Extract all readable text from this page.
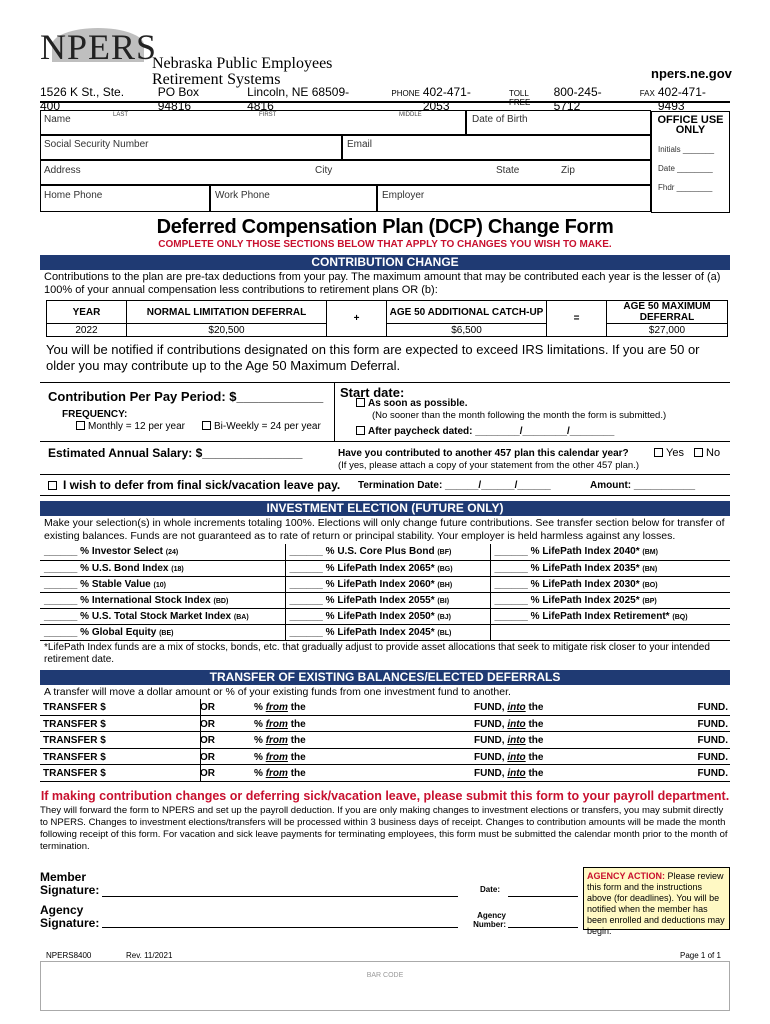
NPERS
Nebraska Public Employees
Retirement Systems	npers.ne.gov
1526 K St., Ste. 400
PO Box 94816
Lincoln, NE 68509-4816
PHONE 402-471-2053
TOLL FREE
800-245-5712
FAX 402-471-9493
Name	LAST	FIRST	MIDDLE	Date of Birth
Social Security Number	Email
Address	City	State	Zip
Home Phone	Work Phone	Employer
OFFICE USE ONLY
Initials _______
Date ________
Fhdr ________
Deferred Compensation Plan (DCP) Change Form
COMPLETE ONLY THOSE SECTIONS BELOW THAT APPLY TO CHANGES YOU WISH TO MAKE.
CONTRIBUTION CHANGE
Contributions to the plan are pre-tax deductions from your pay. The maximum amount that may be contributed each year is the lesser of (a) 100% of your annual compensation less contributions to retirement plans OR (b):
YEAR	NORMAL LIMITATION DEFERRAL	+	AGE 50 ADDITIONAL CATCH-UP	=	AGE 50 MAXIMUM DEFERRAL
2022	$20,500		$6,500		$27,000
You will be notified if contributions designated on this form are expected to exceed IRS limitations. If you are 50 or older you may contribute up to the Age 50 Maximum Deferral.
Contribution Per Pay Period: $____________
FREQUENCY:
Monthly = 12 per year	Bi-Weekly = 24 per year
Start date:
As soon as possible.
(No sooner than the month following the month the form is submitted.)
After paycheck dated: ________/________/________
Estimated Annual Salary: $_______________	Have you contributed to another 457 plan this calendar year?	Yes	No
(If yes, please attach a copy of your statement from the other 457 plan.)
I wish to defer from final sick/vacation leave pay. Termination Date: ______/______/______	Amount: ___________
INVESTMENT ELECTION (FUTURE ONLY)
Make your selection(s) in whole increments totaling 100%. Elections will only change future contributions. See transfer section below for transfer of existing balances. Funds are not guaranteed as to rate of return or principal stability. Your employer is held harmless against any losses.
______ % Investor Select (24)	______ % U.S. Core Plus Bond (BF)	______ % LifePath Index 2040* (BM)
______ % U.S. Bond Index (18)	______ % LifePath Index 2065* (BG)	______ % LifePath Index 2035* (BN)
______ % Stable Value (10)	______ % LifePath Index 2060* (BH)	______ % LifePath Index 2030* (BO)
______ % International Stock Index (BD)	______ % LifePath Index 2055* (BI)	______ % LifePath Index 2025* (BP)
______ % U.S. Total Stock Market Index (BA)	______ % LifePath Index 2050* (BJ)	______ % LifePath Index Retirement* (BQ)
______ % Global Equity (BE)	______ % LifePath Index 2045* (BL)	
*LifePath Index funds are a mix of stocks, bonds, etc. that gradually adjust to provide asset allocations that seek to mitigate risk closer to your intended retirement date.
TRANSFER OF EXISTING BALANCES/ELECTED DEFERRALS
A transfer will move a dollar amount or % of your existing funds from one investment fund to another.
TRANSFER $	OR	% from the	FUND, into the	FUND.
TRANSFER $	OR	% from the	FUND, into the	FUND.
TRANSFER $	OR	% from the	FUND, into the	FUND.
TRANSFER $	OR	% from the	FUND, into the	FUND.
TRANSFER $	OR	% from the	FUND, into the	FUND.
If making contribution changes or deferring sick/vacation leave, please submit this form to your payroll department.
They will forward the form to NPERS and set up the payroll deduction. If you are only making changes to investment elections or transfers, you may submit directly to NPERS. Changes to investment elections/transfers will be processed within 3 business days of receipt. Changes to contribution amounts will be made the month following receipt of this form. For vacation and sick leave payments for terminating employees, this form must be submitted the calendar month prior to the month of termination.
Member Signature:	Date:
Agency Signature:
Agency Number:
AGENCY ACTION: Please review this form and the instructions above (for deadlines). You will be notified when the member has been enrolled and deductions may begin.
NPERS8400	Rev. 11/2021	Page 1 of 1
BAR CODE
